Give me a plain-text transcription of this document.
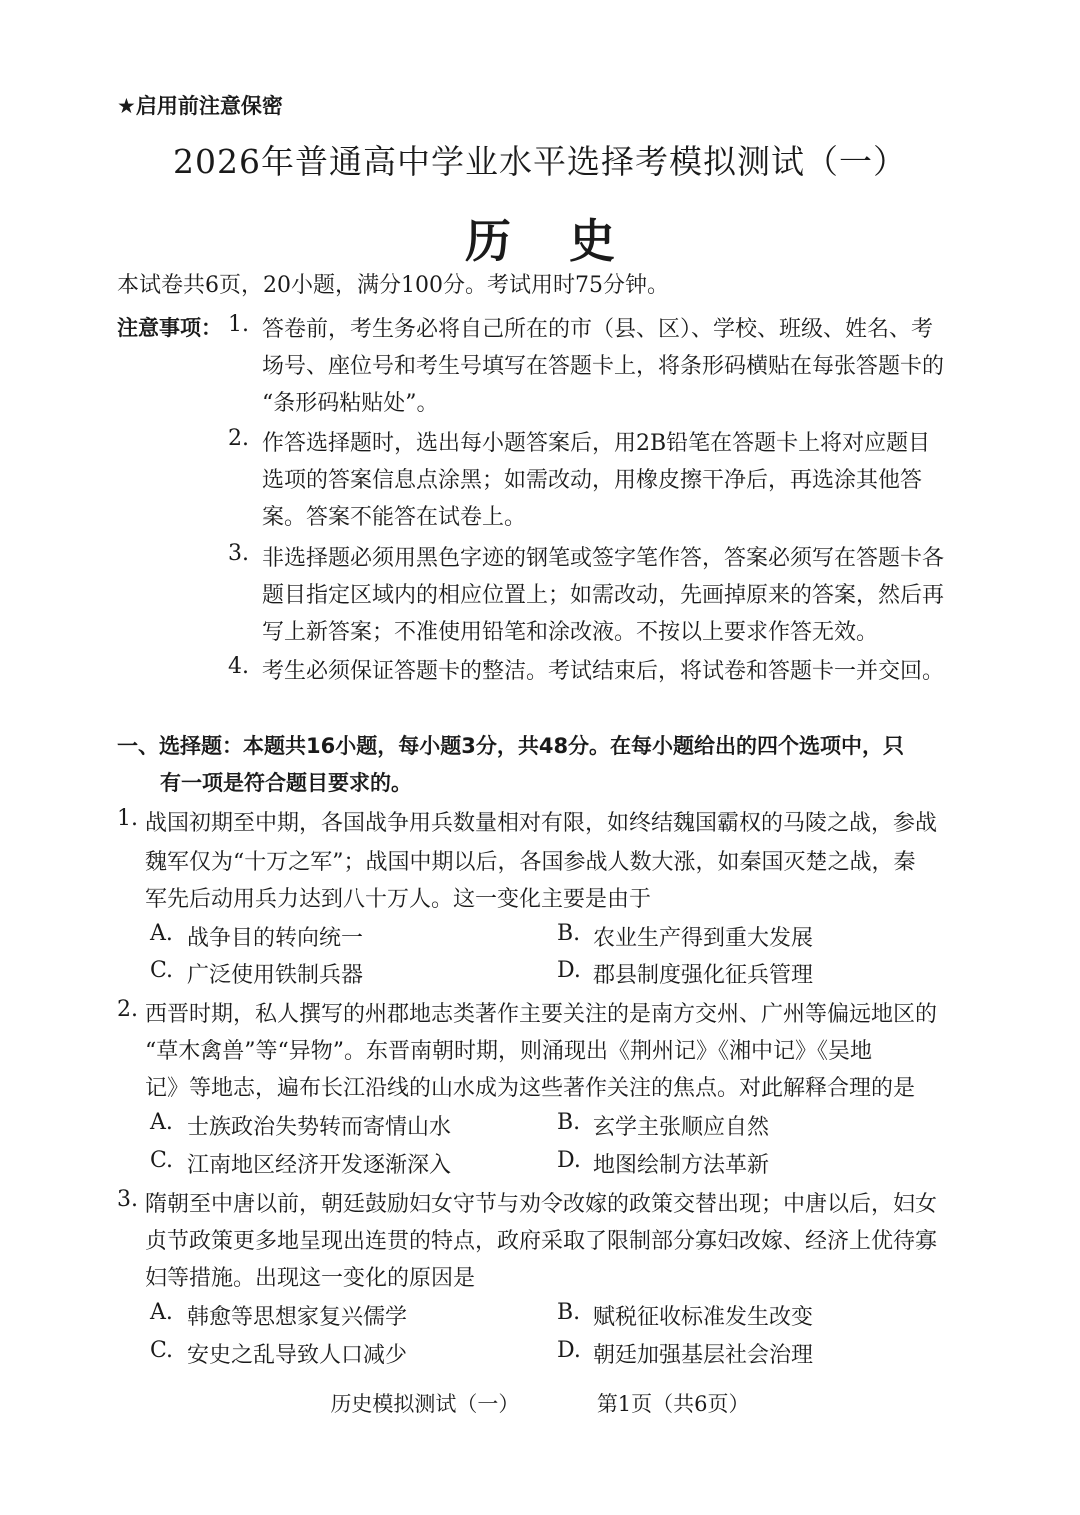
★启用前注意保密
2026年普通高中学业水平选择考模拟测试（一）
历史
本试卷共6页，20小题，满分100分。考试用时75分钟。
注意事项： 1. 答卷前，考生务必将自己所在的市（县、区）、学校、班级、姓名、考
场号、座位号和考生号填写在答题卡上，将条形码横贴在每张答题卡的
“条形码粘贴处”。
2. 作答选择题时，选出每小题答案后，用2B铅笔在答题卡上将对应题目
选项的答案信息点涂黑；如需改动，用橡皮擦干净后，再选涂其他答
案。答案不能答在试卷上。
3. 非选择题必须用黑色字迹的钢笔或签字笔作答，答案必须写在答题卡各
题目指定区域内的相应位置上；如需改动，先画掉原来的答案，然后再
写上新答案；不准使用铅笔和涂改液。不按以上要求作答无效。
4. 考生必须保证答题卡的整洁。考试结束后，将试卷和答题卡一并交回。
一、选择题：本题共16小题，每小题3分，共48分。在每小题给出的四个选项中，只
有一项是符合题目要求的。
1. 战国初期至中期，各国战争用兵数量相对有限，如终结魏国霸权的马陵之战，参战
魏军仅为“十万之军”；战国中期以后，各国参战人数大涨，如秦国灭楚之战，秦
军先后动用兵力达到八十万人。这一变化主要是由于
A. 战争目的转向统一	B. 农业生产得到重大发展
C. 广泛使用铁制兵器	D. 郡县制度强化征兵管理
2. 西晋时期，私人撰写的州郡地志类著作主要关注的是南方交州、广州等偏远地区的
“草木禽兽”等“异物”。东晋南朝时期，则涌现出《荆州记》《湘中记》《吴地
记》等地志，遍布长江沿线的山水成为这些著作关注的焦点。对此解释合理的是
A. 士族政治失势转而寄情山水	B. 玄学主张顺应自然
C. 江南地区经济开发逐渐深入	D. 地图绘制方法革新
3. 隋朝至中唐以前，朝廷鼓励妇女守节与劝令改嫁的政策交替出现；中唐以后，妇女
贞节政策更多地呈现出连贯的特点，政府采取了限制部分寡妇改嫁、经济上优待寡
妇等措施。出现这一变化的原因是
A. 韩愈等思想家复兴儒学	B. 赋税征收标准发生改变
C. 安史之乱导致人口减少	D. 朝廷加强基层社会治理
历史模拟测试（一）	第1页（共6页）
